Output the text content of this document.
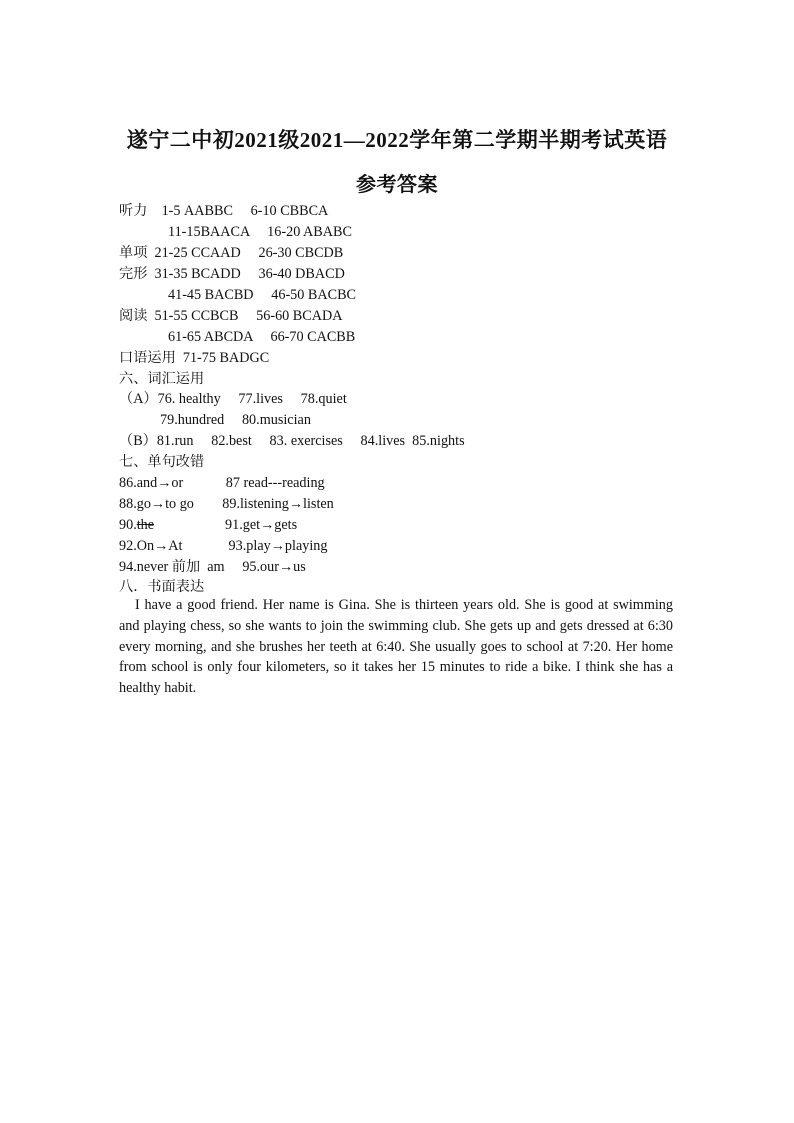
遂宁二中初2021级2021—2022学年第二学期半期考试英语
参考答案
听力　1-5 AABBC　 6-10 CBBCA
11-15BAACA　 16-20 ABABC
单项  21-25 CCAAD　 26-30 CBCDB
完形  31-35 BCADD　 36-40 DBACD
41-45 BACBD　 46-50 BACBC
阅读  51-55 CCBCB　 56-60 BCADA
61-65 ABCDA　 66-70 CACBB
口语运用  71-75 BADGC
六、词汇运用
（A）76. healthy　 77.lives　 78.quiet
79.hundred　 80.musician
（B）81.run　 82.best　 83. exercises　 84.lives  85.nights
七、单句改错
86.and→or　　　87 read---reading
88.go→to go　　89.listening→listen
90.the　　　　　	91.get→gets
92.On→At　　　 93.play→playing
94.never 前加  am　 95.our→us
八．书面表达
I have a good friend. Her name is Gina. She is thirteen years old. She is good at swimming and playing chess, so she wants to join the swimming club. She gets up and gets dressed at 6:30 every morning, and she brushes her teeth at 6:40. She usually goes to school at 7:20. Her home from school is only four kilometers, so it takes her 15 minutes to ride a bike. I think she has a healthy habit.
